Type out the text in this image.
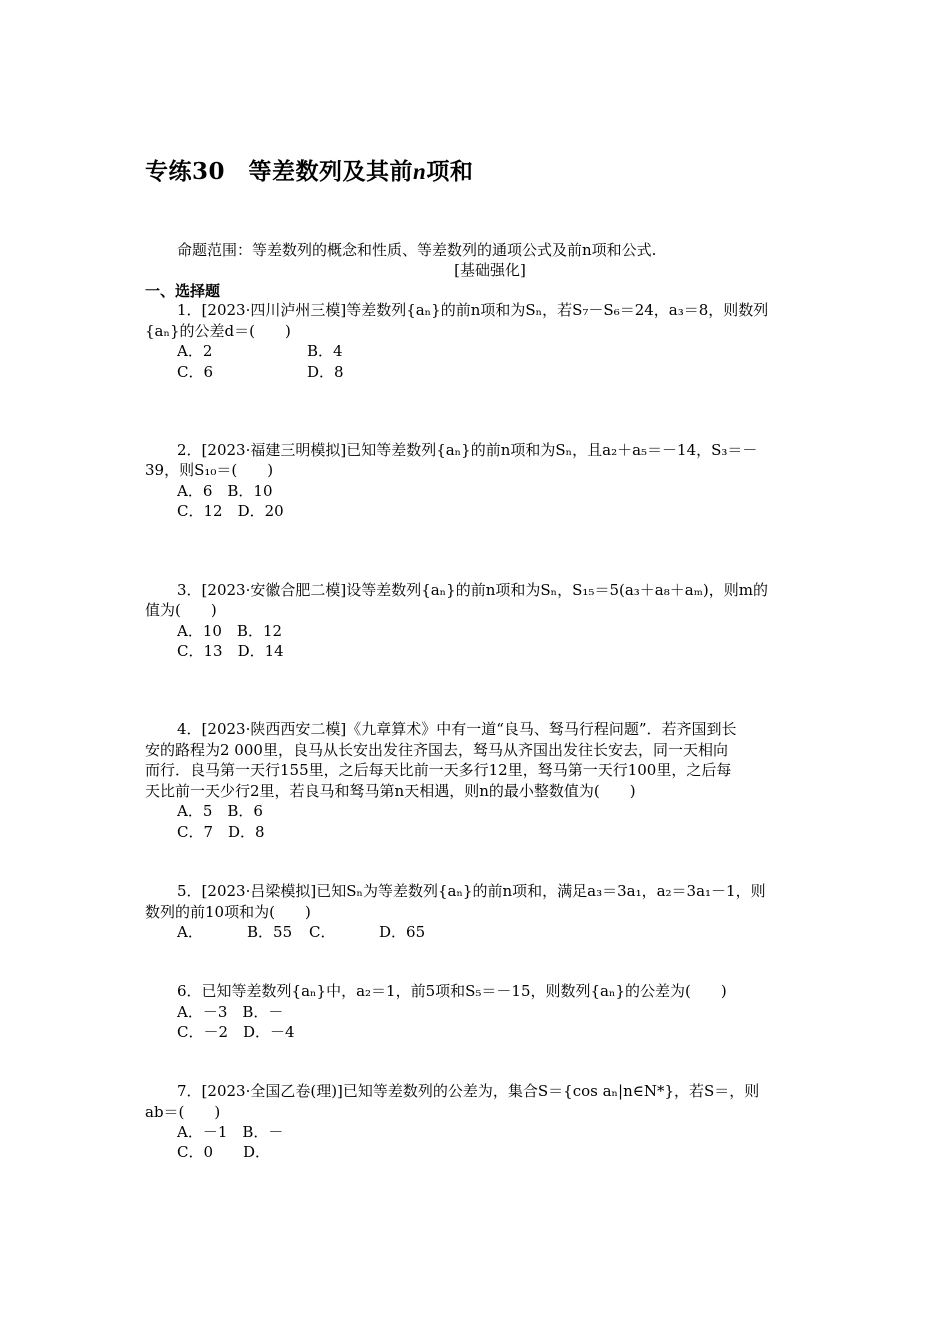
专练30　等差数列及其前n项和
命题范围：等差数列的概念和性质、等差数列的通项公式及前n项和公式.
[基础强化]
一、选择题
1．[2023·四川泸州三模]等差数列{aₙ}的前n项和为Sₙ，若S₇－S₆＝24，a₃＝8，则数列
{aₙ}的公差d＝(　　)
A．2	B．4
C．6	D．8
2．[2023·福建三明模拟]已知等差数列{aₙ}的前n项和为Sₙ，且a₂＋a₅＝－14，S₃＝－
39，则S₁₀＝(　　)
A．6　B．10
C．12　D．20
3．[2023·安徽合肥二模]设等差数列{aₙ}的前n项和为Sₙ，S₁₅＝5(a₃＋a₈＋aₘ)，则m的
值为(　　)
A．10　B．12
C．13　D．14
4．[2023·陕西西安二模]《九章算术》中有一道“良马、驽马行程问题”．若齐国到长
安的路程为2 000里，良马从长安出发往齐国去，驽马从齐国出发往长安去，同一天相向
而行．良马第一天行155里，之后每天比前一天多行12里，驽马第一天行100里，之后每
天比前一天少行2里，若良马和驽马第n天相遇，则n的最小整数值为(　　)
A．5　B．6
C．7　D．8
5．[2023·吕梁模拟]已知Sₙ为等差数列{aₙ}的前n项和，满足a₃＝3a₁，a₂＝3a₁－1，则
数列的前10项和为(　　)
A．	B．55 C．	D．65
6．已知等差数列{aₙ}中，a₂＝1，前5项和S₅＝－15，则数列{aₙ}的公差为(　　)
A．－3　B．－
C．－2　D．－4
7．[2023·全国乙卷(理)]已知等差数列的公差为，集合S＝{cos aₙ|n∈N*}，若S＝，则
ab＝(　　)
A．－1　B．－
C．0　　D．
